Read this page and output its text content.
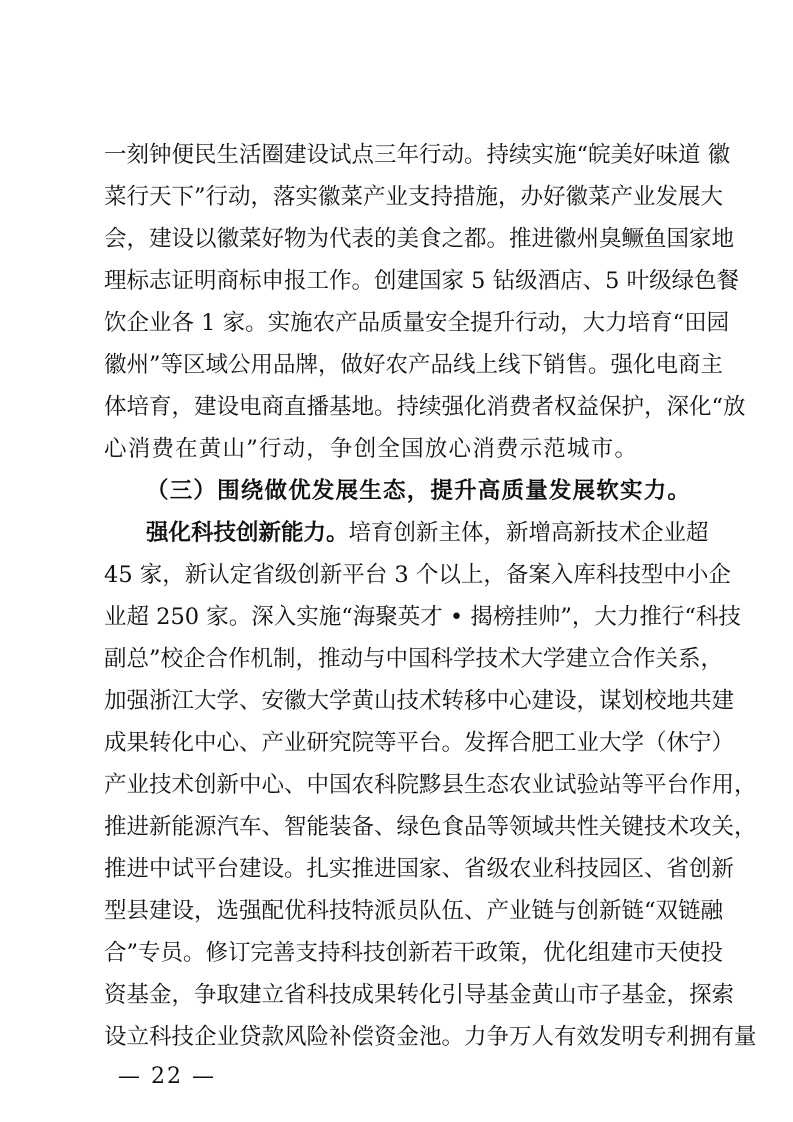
一刻钟便民生活圈建设试点三年行动。持续实施“皖美好味道 徽
菜行天下”行动，落实徽菜产业支持措施，办好徽菜产业发展大
会，建设以徽菜好物为代表的美食之都。推进徽州臭鳜鱼国家地
理标志证明商标申报工作。创建国家 5 钻级酒店、5 叶级绿色餐
饮企业各 1 家。实施农产品质量安全提升行动，大力培育“田园
徽州”等区域公用品牌，做好农产品线上线下销售。强化电商主
体培育，建设电商直播基地。持续强化消费者权益保护，深化“放
心消费在黄山”行动，争创全国放心消费示范城市。
（三）围绕做优发展生态，提升高质量发展软实力。
强化科技创新能力。培育创新主体，新增高新技术企业超
45 家，新认定省级创新平台 3 个以上，备案入库科技型中小企
业超 250 家。深入实施“海聚英才 • 揭榜挂帅”，大力推行“科技
副总”校企合作机制，推动与中国科学技术大学建立合作关系，
加强浙江大学、安徽大学黄山技术转移中心建设，谋划校地共建
成果转化中心、产业研究院等平台。发挥合肥工业大学（休宁）
产业技术创新中心、中国农科院黟县生态农业试验站等平台作用，
推进新能源汽车、智能装备、绿色食品等领域共性关键技术攻关，
推进中试平台建设。扎实推进国家、省级农业科技园区、省创新
型县建设，选强配优科技特派员队伍、产业链与创新链“双链融
合”专员。修订完善支持科技创新若干政策，优化组建市天使投
资基金，争取建立省科技成果转化引导基金黄山市子基金，探索
设立科技企业贷款风险补偿资金池。力争万人有效发明专利拥有量
— 22 —
